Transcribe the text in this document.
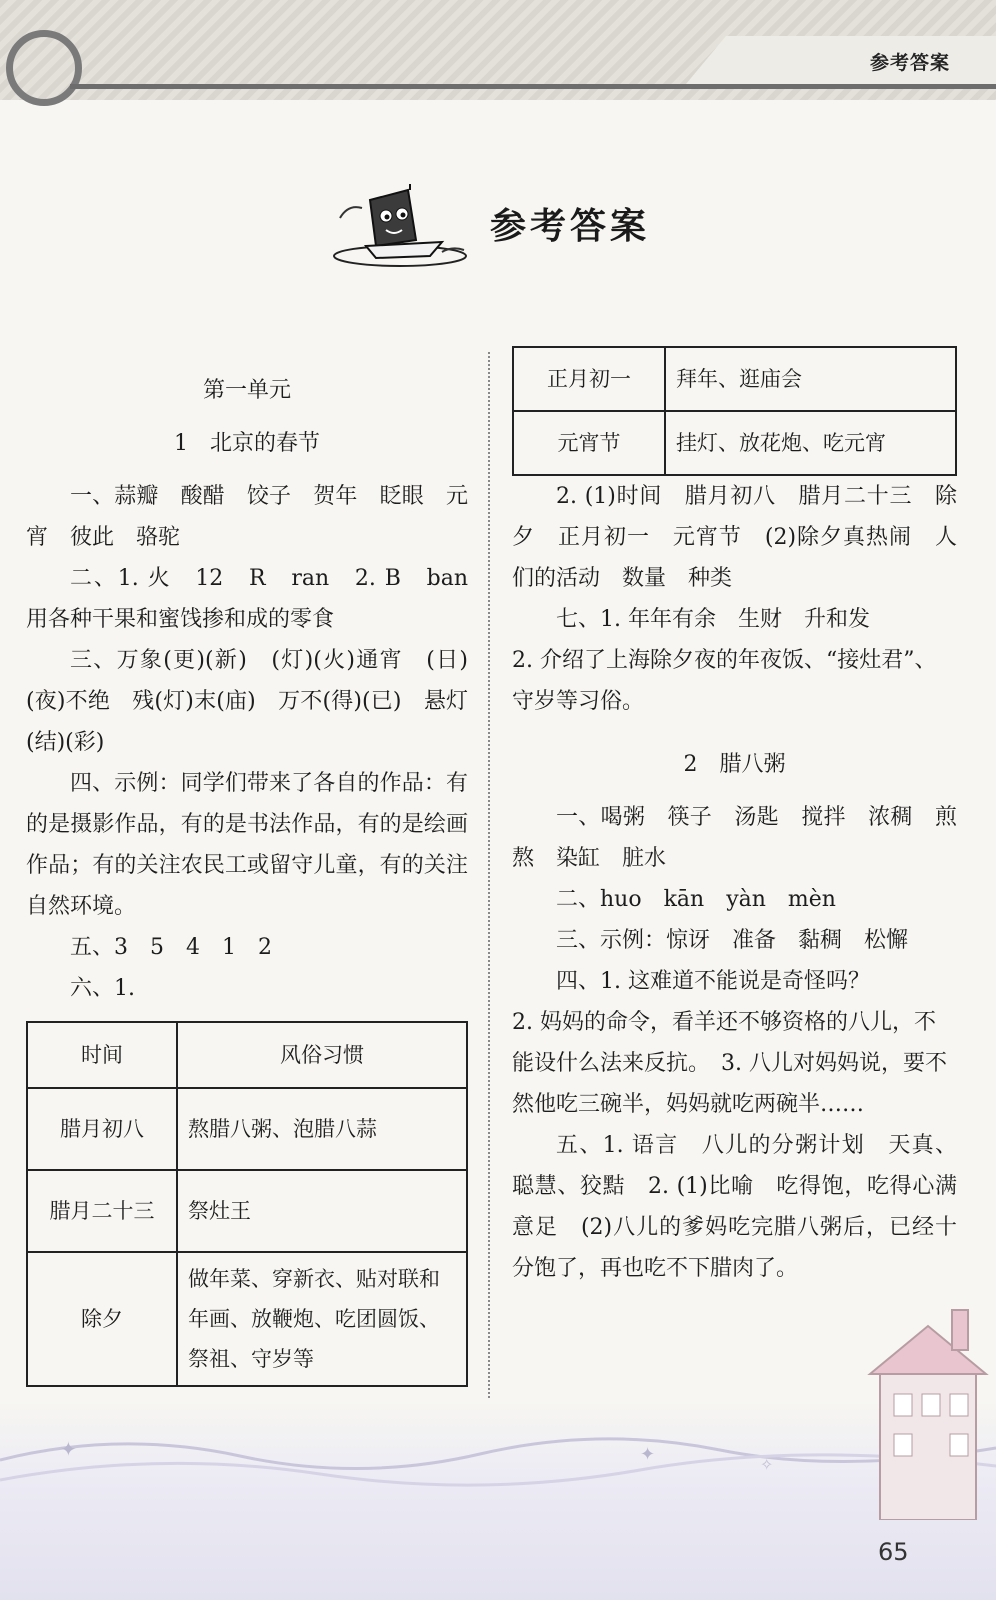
参考答案
参考答案

第一单元

1　北京的春节

一、蒜瓣　酸醋　饺子　贺年　眨眼　元宵　彼此　骆驼

二、1. 火　12　R　ran　2. B　ban　用各种干果和蜜饯掺和成的零食

三、万象(更)(新)　(灯)(火)通宵　(日)(夜)不绝　残(灯)末(庙)　万不(得)(已)　悬灯(结)(彩)

四、示例：同学们带来了各自的作品：有的是摄影作品，有的是书法作品，有的是绘画作品；有的关注农民工或留守儿童，有的关注自然环境。

五、3　5　4　1　2

六、1.

时间	风俗习惯
腊月初八	熬腊八粥、泡腊八蒜
腊月二十三	祭灶王
除夕	做年菜、穿新衣、贴对联和年画、放鞭炮、吃团圆饭、祭祖、守岁等
正月初一	拜年、逛庙会
元宵节	挂灯、放花炮、吃元宵

2. (1)时间　腊月初八　腊月二十三　除夕　正月初一　元宵节　(2)除夕真热闹　人们的活动　数量　种类

七、1. 年年有余　生财　升和发

2. 介绍了上海除夕夜的年夜饭、“接灶君”、守岁等习俗。

2　腊八粥

一、喝粥　筷子　汤匙　搅拌　浓稠　煎熬　染缸　脏水

二、huo　kān　yàn　mèn

三、示例：惊讶　准备　黏稠　松懈

四、1. 这难道不能说是奇怪吗？

2. 妈妈的命令，看羊还不够资格的八儿，不能设什么法来反抗。　3. 八儿对妈妈说，要不然他吃三碗半，妈妈就吃两碗半……

五、1. 语言　八儿的分粥计划　天真、聪慧、狡黠　2. (1)比喻　吃得饱，吃得心满意足　(2)八儿的爹妈吃完腊八粥后，已经十分饱了，再也吃不下腊肉了。

✦	✦	✧
65
